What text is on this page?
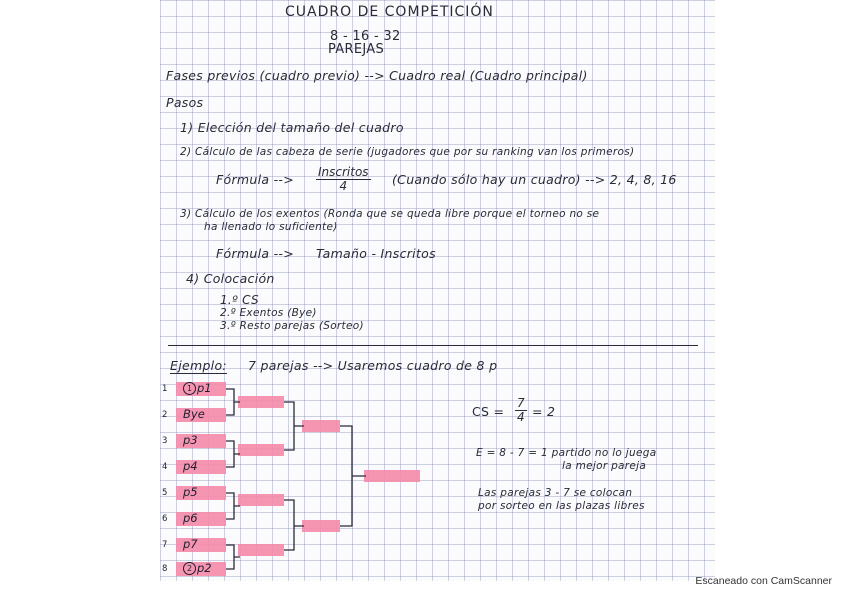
CUADRO DE COMPETICIÓN
8 - 16 - 32
PAREJAS
Fases previos (cuadro previo) --> Cuadro real (Cuadro principal)
Pasos
1) Elección del tamaño del cuadro
2) Cálculo de las cabeza de serie (jugadores que por su ranking van los primeros)
Fórmula --> Inscritos
4	(Cuando sólo hay un cuadro) --> 2, 4, 8, 16
3) Cálculo de los exentos (Ronda que se queda libre porque el torneo no se
ha llenado lo suficiente)
Fórmula --> Tamaño - Inscritos
4) Colocación
1.º CS
2.º Exentos (Bye)
3.º Resto parejas (Sorteo)
Ejemplo: 7 parejas --> Usaremos cuadro de 8 p
1	1 p1
2 Bye
3 p3
4 p4
5 p5
6 p6
7 p7
8	2 p2
CS = $\frac{7}{4} = 2$
E = 8 - 7 = 1 partido no lo juega
la mejor pareja
Las parejas 3 - 7 se colocan
por sorteo en las plazas libres
Escaneado con CamScanner
